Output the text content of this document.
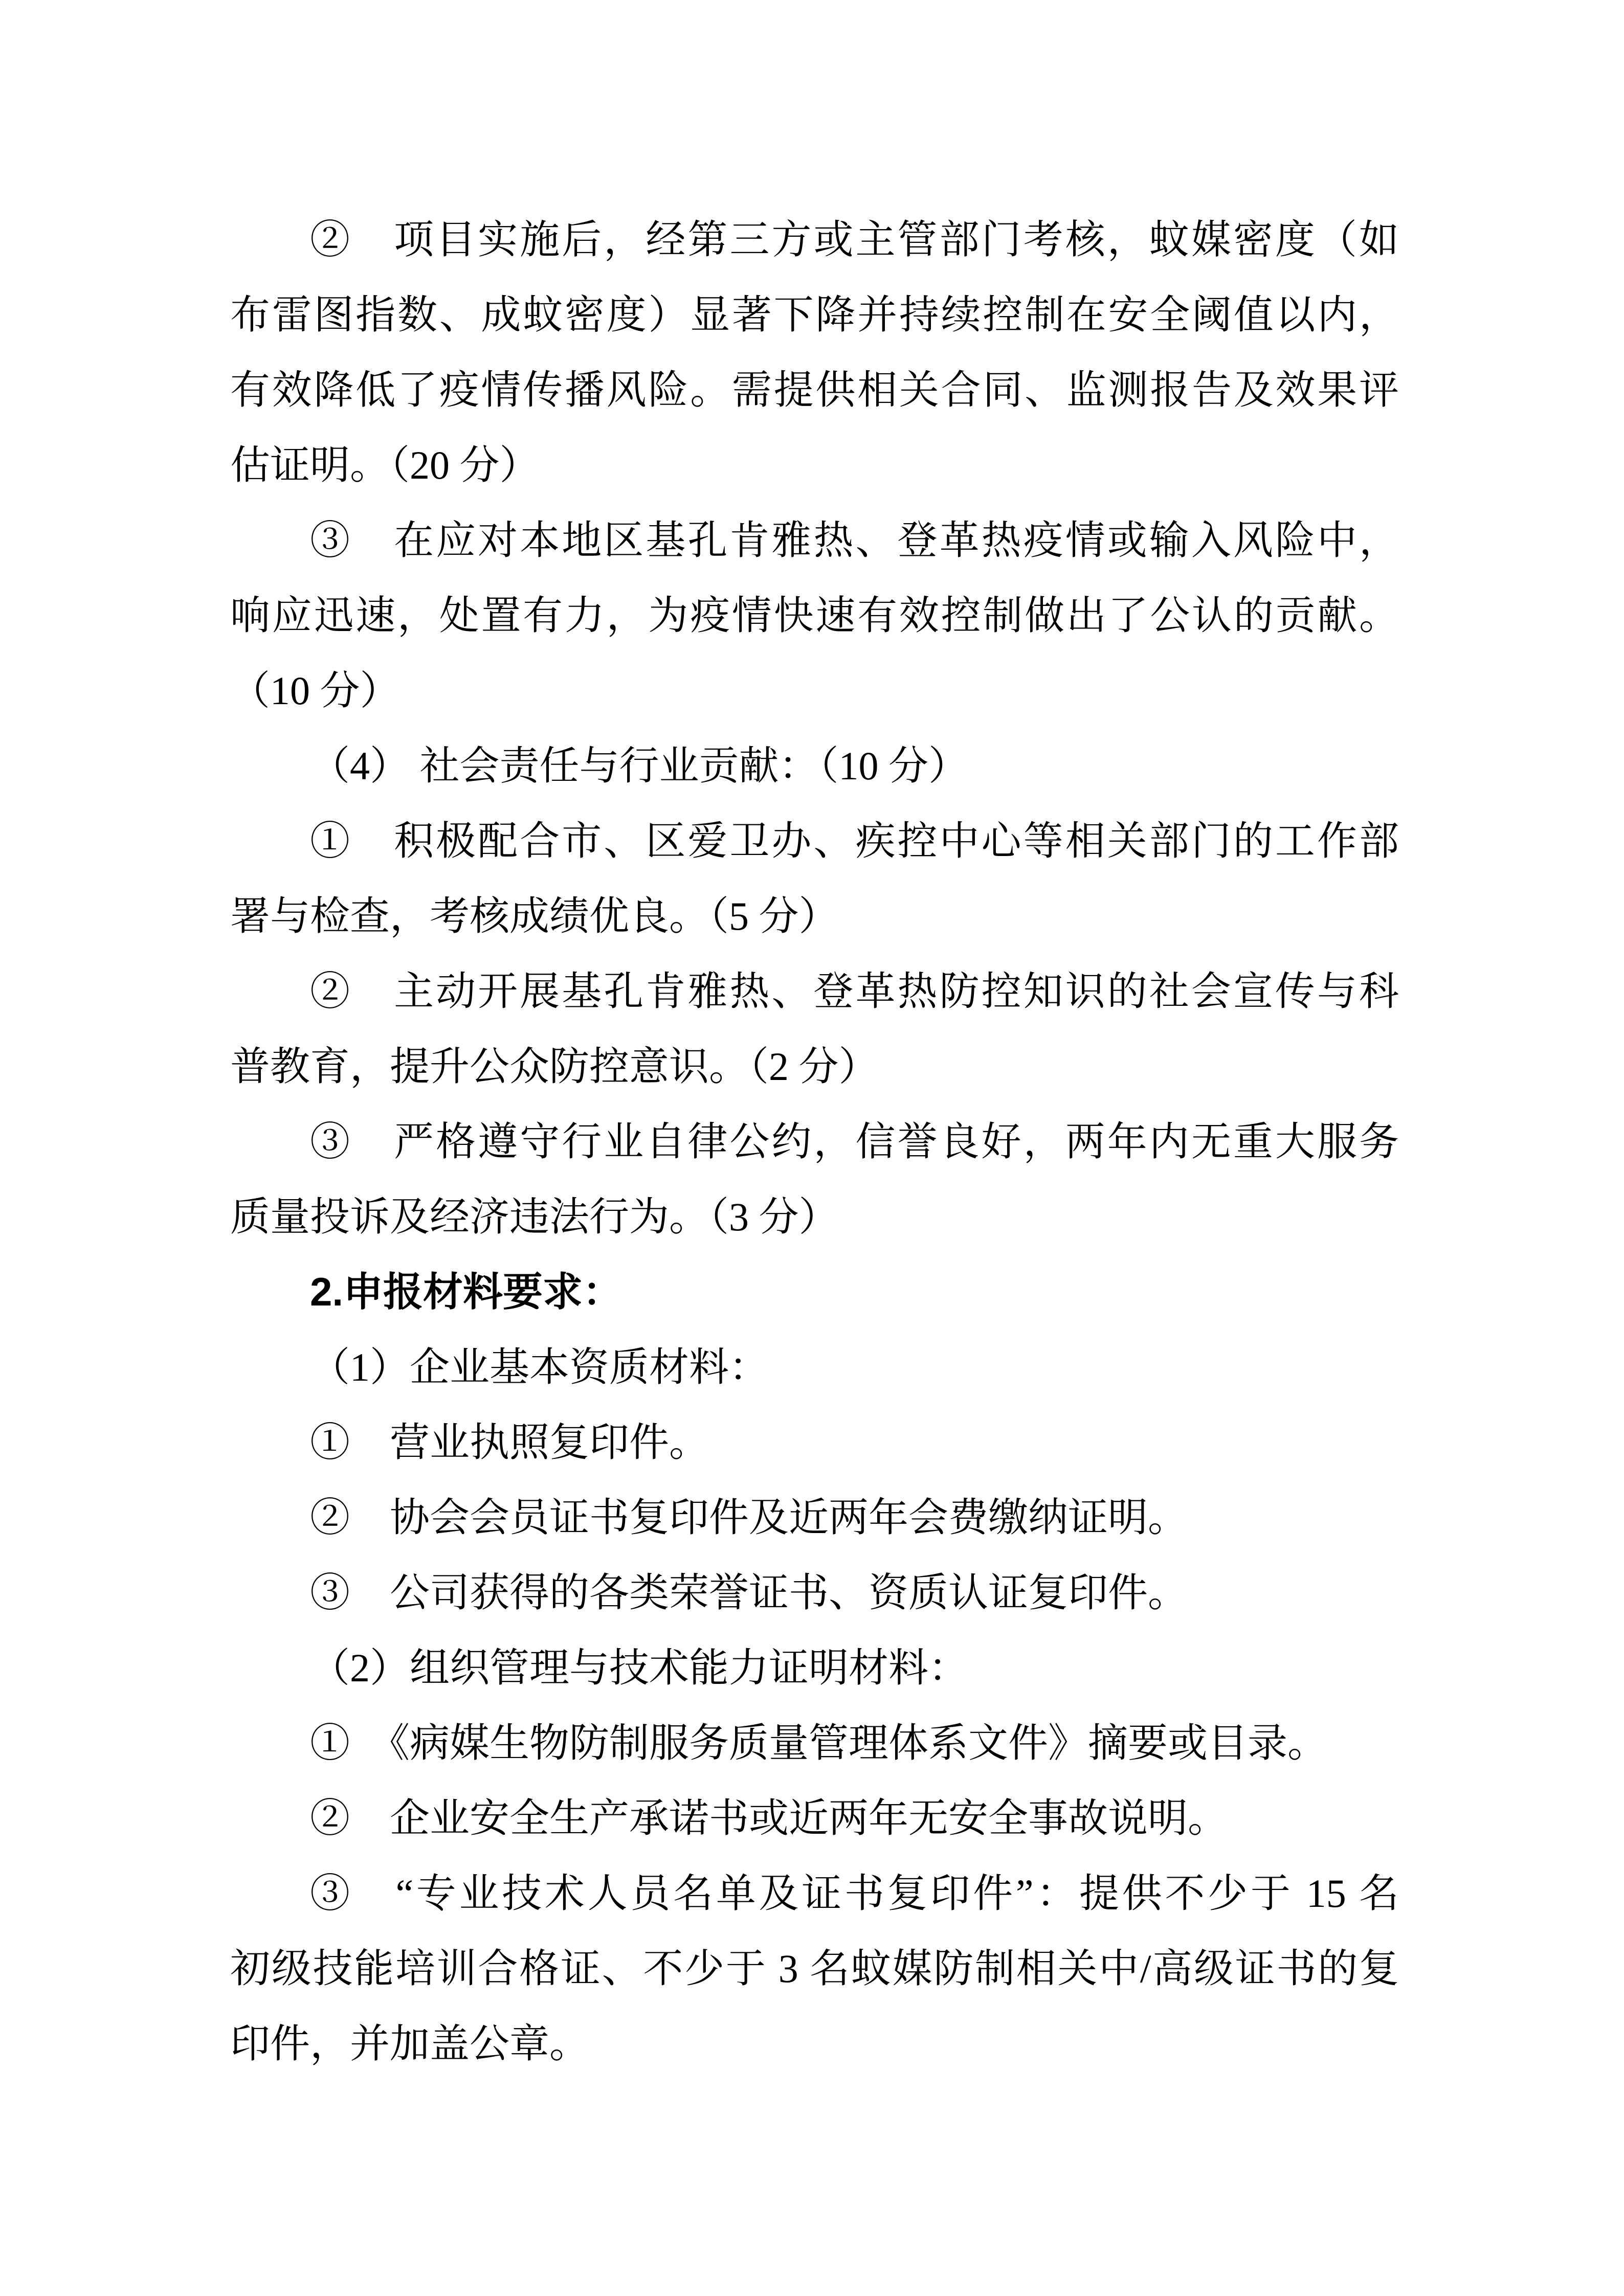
②　项目实施后，经第三方或主管部门考核，蚊媒密度（如
布雷图指数、成蚊密度）显著下降并持续控制在安全阈值以内，
有效降低了疫情传播风险。需提供相关合同、监测报告及效果评
估证明。（20 分）
③　在应对本地区基孔肯雅热、登革热疫情或输入风险中，
响应迅速，处置有力，为疫情快速有效控制做出了公认的贡献。
（10 分）
（4） 社会责任与行业贡献：（10 分）
①　积极配合市、区爱卫办、疾控中心等相关部门的工作部
署与检查，考核成绩优良。（5 分）
②　主动开展基孔肯雅热、登革热防控知识的社会宣传与科
普教育，提升公众防控意识。（2 分）
③　严格遵守行业自律公约，信誉良好，两年内无重大服务
质量投诉及经济违法行为。（3 分）
2.申报材料要求：
（1）企业基本资质材料：
①　营业执照复印件。
②　协会会员证书复印件及近两年会费缴纳证明。
③　公司获得的各类荣誉证书、资质认证复印件。
（2）组织管理与技术能力证明材料：
①　《病媒生物防制服务质量管理体系文件》摘要或目录。
②　企业安全生产承诺书或近两年无安全事故说明。
③　“专业技术人员名单及证书复印件”：提供不少于 15 名
初级技能培训合格证、不少于 3 名蚊媒防制相关中/高级证书的复
印件，并加盖公章。
